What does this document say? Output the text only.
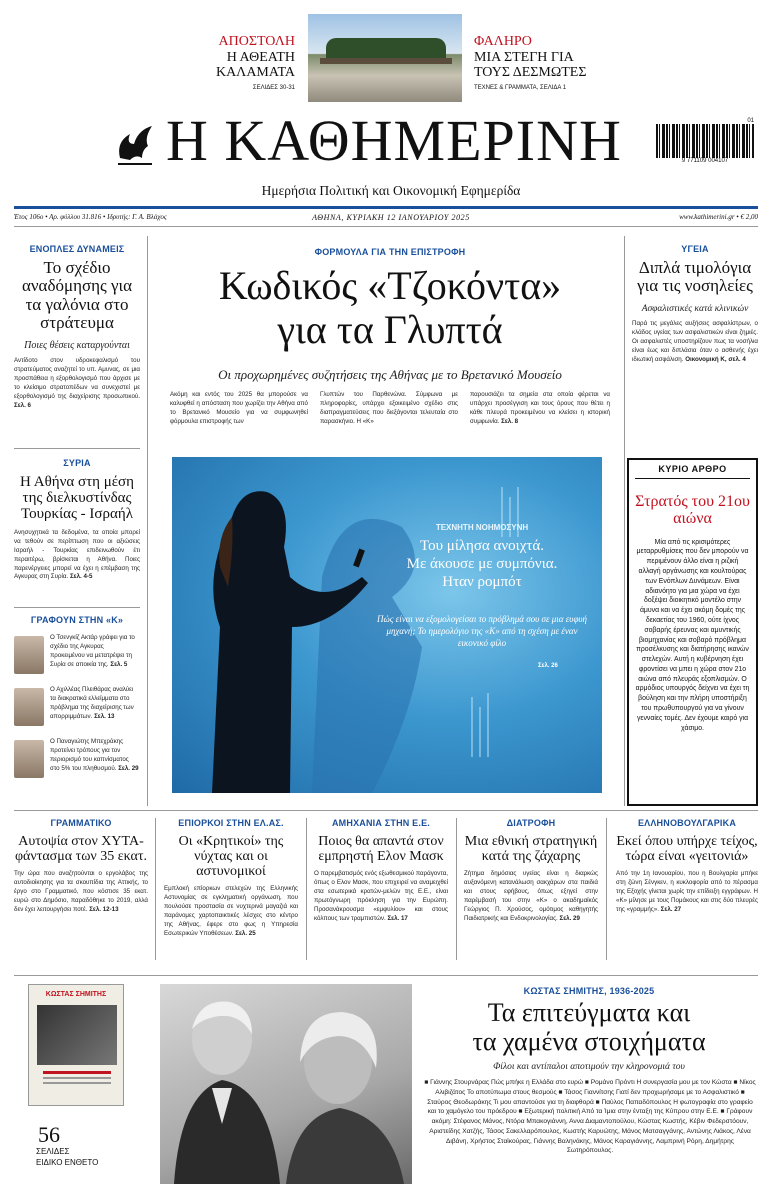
ΑΠΟΣΤΟΛΗ
Η ΑΘΕΑΤΗ
ΚΑΛΑΜΑΤΑ
ΣΕΛΙΔΕΣ 30-31
ΦΑΛΗΡΟ
ΜΙΑ ΣΤΕΓΗ ΓΙΑ
ΤΟΥΣ ΔΕΣΜΩΤΕΣ
ΤΕΧΝΕΣ & ΓΡΑΜΜΑΤΑ, ΣΕΛΙΔΑ 1
Η ΚΑΘΗΜΕΡΙΝΗ	01
9 771109 004107
Ημερήσια Πολιτική και Οικονομική Εφημερίδα
Έτος 106ο • Αρ. φύλλου 31.816 • Ιδρυτής: Γ. Α. Βλάχος	ΑΘΗΝΑ, ΚΥΡΙΑΚΗ 12 ΙΑΝΟΥΑΡΙΟΥ 2025	www.kathimerini.gr • € 2,00
ΕΝΟΠΛΕΣ ΔΥΝΑΜΕΙΣ
Το σχέδιο αναδόμησης για τα γαλόνια στο στράτευμα
Ποιες θέσεις καταργούνται
Αντίδοτο στον υδροκεφαλισμό του στρατεύματος αναζητεί το υπ. Αμυνας, σε μια προσπάθεια η εξορθολογισμό που άρχισε με το κλείσιμο στρατοπέδων να συνεχιστεί με εξορθολογισμό της διαχείρισης προσωπικού. Σελ. 6
ΣΥΡΙΑ
Η Αθήνα στη μέση της διελκυστίνδας Τουρκίας - Ισραήλ
Ανησυχητικά τα δεδομένα, τα οποία μπορεί να τεθούν σε περίπτωση που οι αξιώσεις Ισραήλ - Τουρκίας επιδεινωθούν έτι περαιτέρω, βρίσκεται η Αθήνα. Ποιες παρενέργειες μπορεί να έχει η επέμβαση της Αγκυρας στη Συρία. Σελ. 4-5
ΓΡΑΦΟΥΝ ΣΤΗΝ «Κ»
Ο Τσενγκίζ Ακτάρ γράφει για το σχέδιο της Αγκυρας προκειμένου να μετατρέψει τη Συρία σε αποικία της. Σελ. 5
Ο Αχιλλέας Πλειθάρας αναλύει τα διακρατικά ελλείμματα στο πρόβλημα της διαχείρισης των απορριμμάτων. Σελ. 13
Ο Παναγιώτης Μπεχράκης προτείνει τρόπους για τον περιορισμό του καπνίσματος στο 5% του πληθυσμού. Σελ. 29
ΦΟΡΜΟΥΛΑ ΓΙΑ ΤΗΝ ΕΠΙΣΤΡΟΦΗ
Κωδικός «Τζοκόντα»
για τα Γλυπτά
Οι προχωρημένες συζητήσεις της Αθήνας με το Βρετανικό Μουσείο
Ακόμη και εντός του 2025 θα μπορούσε να καλυφθεί η απόσταση που χωρίζει την Αθήνα από το Βρετανικό Μουσείο για να συμφωνηθεί φόρμουλα επιστροφής των
Γλυπτών του Παρθενώνα. Σύμφωνα με πληροφορίες, υπάρχει εξοικειμένο σχέδιο στις διαπραγματεύσεις που διεξάγονται τελευταία στο παρασκήνιο. Η «Κ»
παρουσιάζει τα σημεία στα οποία φέρεται να υπάρχει προσέγγιση και τους όρους που θέτει η κάθε πλευρά προκειμένου να κλείσει η ιστορική συμφωνία. Σελ. 8
ΤΕΧΝΗΤΗ ΝΟΗΜΟΣΥΝΗ
Του μίλησα ανοιχτά.
Με άκουσε με συμπόνια.
Ηταν ρομπότ
Πώς είναι να εξομολογείσαι το πρόβλημά σου σε μια ευφυή μηχανή; Το ημερολόγιο της «Κ» από τη σχέση με έναν εικονικό φίλο
Σελ. 26
ΥΓΕΙΑ
Διπλά τιμολόγια για τις νοσηλείες
Ασφαλιστικές κατά κλινικών
Παρά τις μεγάλες αυξήσεις ασφαλίστρων, ο κλάδος υγείας των ασφαλιστικών είναι ζημιές. Οι ασφαλιστές υποστηρίζουν πως τα νοσήλια είναι έως και διπλάσια όταν ο ασθενής έχει ιδιωτική ασφάλιση. Οικονομική Κ, σελ. 4
ΚΥΡΙΟ ΑΡΘΡΟ
Στρατός του 21ου αιώνα
Μία από τις κρισιμότερες μεταρρυθμίσεις που δεν μπορούν να περιμένουν άλλο είναι η ριζική αλλαγή οργάνωσης και κουλτούρας των Ενόπλων Δυνάμεων. Είναι αδιανόητο για μια χώρα να έχει δοξέψει διοικητικό μοντέλο στην άμυνα και να έχει ακόμη δομές της δεκαετίας του 1960, ούτε ίχνος σοβαρής έρευνας και αμυντικής βιομηχανίας και σοβαρό πρόβλημα προσέλκυσης και διατήρησης ικανών στελεχών. Αυτή η κυβέρνηση έχει φροντίσει να μπει η χώρα στον 21ο αιώνα από πλευράς εξοπλισμών. Ο αρμόδιος υπουργός δείχνει να έχει τη βούληση και την πλήρη υποστήριξη του πρωθυπουργού για να γίνουν γενναίες τομές. Δεν έχουμε καιρό για χάσιμο.
ΓΡΑΜΜΑΤΙΚΟ
Αυτοψία στον ΧΥΤΑ-φάντασμα των 35 εκατ.
Την ώρα που αναζητούνται ο εργολάβος της αυτοδιοίκησης για τα σκουπίδια της Αττικής, το έργο στο Γραμματικό, που κόστισε 35 εκατ. ευρώ στο Δημόσιο, παραδόθηκε το 2019, αλλά δεν έχει λειτουργήσει ποτέ. Σελ. 12-13
ΕΠΙΟΡΚΟΙ ΣΤΗΝ ΕΛ.ΑΣ.
Οι «Κρητικοί» της νύχτας και οι αστυνομικοί
Εμπλοκή επίορκων στελεχών της Ελληνικής Αστυνομίας σε εγκληματική οργάνωση, που πουλούσε προστασία σε νυχτερινά μαγαζιά και παράνομες χαρτοπαικτικές λέσχες στο κέντρο της Αθήνας, έφερε στο φως η Υπηρεσία Εσωτερικών Υποθέσεων. Σελ. 25
ΑΜΗΧΑΝΙΑ ΣΤΗΝ Ε.Ε.
Ποιος θα απαντά στον εμπρηστή Ελον Μασκ
Ο παρεμβατισμός ενός εξωθεσμικού παράγοντα, όπως ο Ελον Μασκ, που επιχειρεί να αναμειχθεί στα εσωτερικά κρατών-μελών της Ε.Ε., είναι πρωτόγνωρη πρόκληση για την Ευρώπη. Προσανάκρουσμα «εμφυλίου» και στους κόλπους των τραμπιστών. Σελ. 17
ΔΙΑΤΡΟΦΗ
Μια εθνική στρατηγική κατά της ζάχαρης
Ζήτημα δημόσιας υγείας είναι η διαρκώς αυξανόμενη κατανάλωση σακχάρων στα παιδιά και στους εφήβους, όπως εξηγεί στην παρέμβασή του στην «Κ» ο ακαδημαϊκός Γεώργιος Π. Χρούσος, ομότιμος καθηγητής Παιδιατρικής και Ενδοκρινολογίας. Σελ. 29
ΕΛΛΗΝΟΒΟΥΛΓΑΡΙΚΑ
Εκεί όπου υπήρχε τείχος, τώρα είναι «γειτονιά»
Από την 1η Ιανουαρίου, που η Βουλγαρία μπήκε στη ζώνη Σένγκεν, η κυκλοφορία από το πέρασμα της Εξοχής γίνεται χωρίς την επίδειξη εγγράφων. Η «Κ» μίλησε με τους Πομάκους και στις δύο πλευρές της «γραμμής». Σελ. 27
ΚΩΣΤΑΣ ΣΗΜΙΤΗΣ
56
ΣΕΛΙΔΕΣ
ΕΙΔΙΚΟ ΕΝΘΕΤΟ
ΚΩΣΤΑΣ ΣΗΜΙΤΗΣ, 1936-2025
Τα επιτεύγματα και
τα χαμένα στοιχήματα
Φίλοι και αντίπαλοι αποτιμούν την κληρονομιά του
■ Γιάννης Στουρνάρας Πώς μπήκε η Ελλάδα στο ευρώ ■ Ρομάνο Πρόντι Η συνεργασία μου με τον Κώστα ■ Νίκος Αλιβιζάτος Το αποτύπωμα στους θεσμούς ■ Τάσος Γιαννίτσης Γιατί δεν προχωρήσαμε με το Ασφαλιστικό ■ Σταύρος Θεοδωράκης Τι μου απαντούσε για τη διαφθορά ■ Παύλος Παπαδόπουλος Η φωτογραφία στο γραφείο και το χαμόγελο του πρόεδρου ■ Εξωτερική πολιτική Από τα Ίμια στην ένταξη της Κύπρου στην Ε.Ε. ■ Γράφουν ακόμη: Στέφανος Μάνος, Ντόρα Μπακογιάννη, Αννα Διαμαντοπούλου, Κώστας Κωστής, Κέβιν Φεδερστόουν, Αριστείδης Χατζής, Τάσος Σακελλαρόπουλος, Κωστής Καρυώτης, Μάνος Ματσαγγάνης, Αντώνης Λιάκος, Λένα Διβάνη, Χρήστος Σταϊκούρας, Γιάννης Βαληνάκης, Μάνος Καραγιάννης, Λαμπρινή Ρόρη, Δημήτρης Σωτηρόπουλος.
